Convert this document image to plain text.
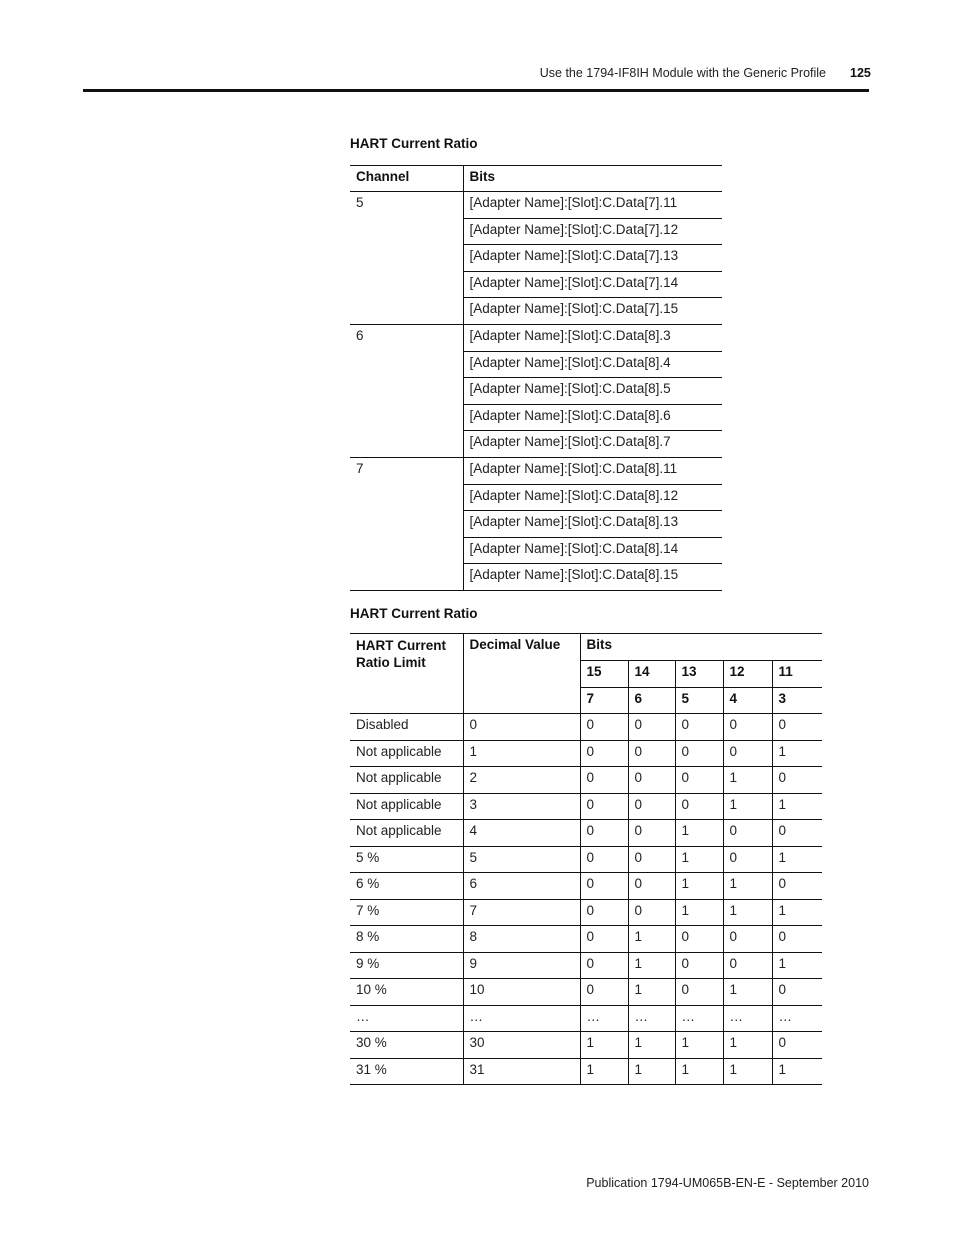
Use the 1794-IF8IH Module with the Generic Profile 125
HART Current Ratio
Channel	Bits
5	[Adapter Name]:[Slot]:C.Data[7].11
	[Adapter Name]:[Slot]:C.Data[7].12
	[Adapter Name]:[Slot]:C.Data[7].13
	[Adapter Name]:[Slot]:C.Data[7].14
	[Adapter Name]:[Slot]:C.Data[7].15
6	[Adapter Name]:[Slot]:C.Data[8].3
	[Adapter Name]:[Slot]:C.Data[8].4
	[Adapter Name]:[Slot]:C.Data[8].5
	[Adapter Name]:[Slot]:C.Data[8].6
	[Adapter Name]:[Slot]:C.Data[8].7
7	[Adapter Name]:[Slot]:C.Data[8].11
	[Adapter Name]:[Slot]:C.Data[8].12
	[Adapter Name]:[Slot]:C.Data[8].13
	[Adapter Name]:[Slot]:C.Data[8].14
	[Adapter Name]:[Slot]:C.Data[8].15
HART Current Ratio
HART Current Ratio Limit	Decimal Value	Bits				
		15	14	13	12	11
		7	6	5	4	3
Disabled	0	0	0	0	0	0
Not applicable	1	0	0	0	0	1
Not applicable	2	0	0	0	1	0
Not applicable	3	0	0	0	1	1
Not applicable	4	0	0	1	0	0
5 %	5	0	0	1	0	1
6 %	6	0	0	1	1	0
7 %	7	0	0	1	1	1
8 %	8	0	1	0	0	0
9 %	9	0	1	0	0	1
10 %	10	0	1	0	1	0
…	…	…	…	…	…	…
30 %	30	1	1	1	1	0
31 %	31	1	1	1	1	1
Publication 1794-UM065B-EN-E - September 2010
